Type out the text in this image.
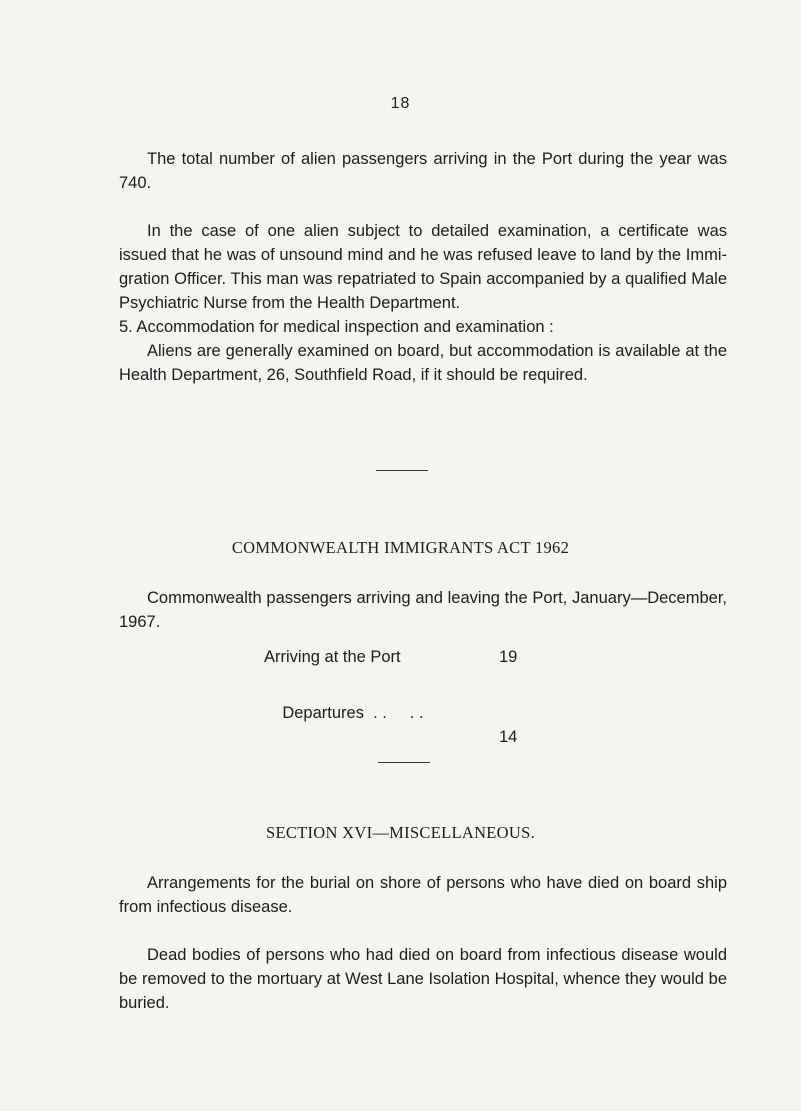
18

The total number of alien passengers arriving in the Port during the year was 740.

In the case of one alien subject to detailed examination, a certificate was issued that he was of unsound mind and he was refused leave to land by the Immi- gration Officer. This man was repatriated to Spain accompanied by a qualified Male Psychiatric Nurse from the Health Department.

5. Accommodation for medical inspection and examination :

Aliens are generally examined on board, but accommodation is available at the Health Department, 26, Southfield Road, if it should be required.

COMMONWEALTH IMMIGRANTS ACT 1962

Commonwealth passengers arriving and leaving the Port, January—December, 1967.

Arriving at the Port	19

Departures  . .     . .

14

SECTION XVI—MISCELLANEOUS.

Arrangements for the burial on shore of persons who have died on board ship from infectious disease.

Dead bodies of persons who had died on board from infectious disease would be removed to the mortuary at West Lane Isolation Hospital, whence they would be buried.
